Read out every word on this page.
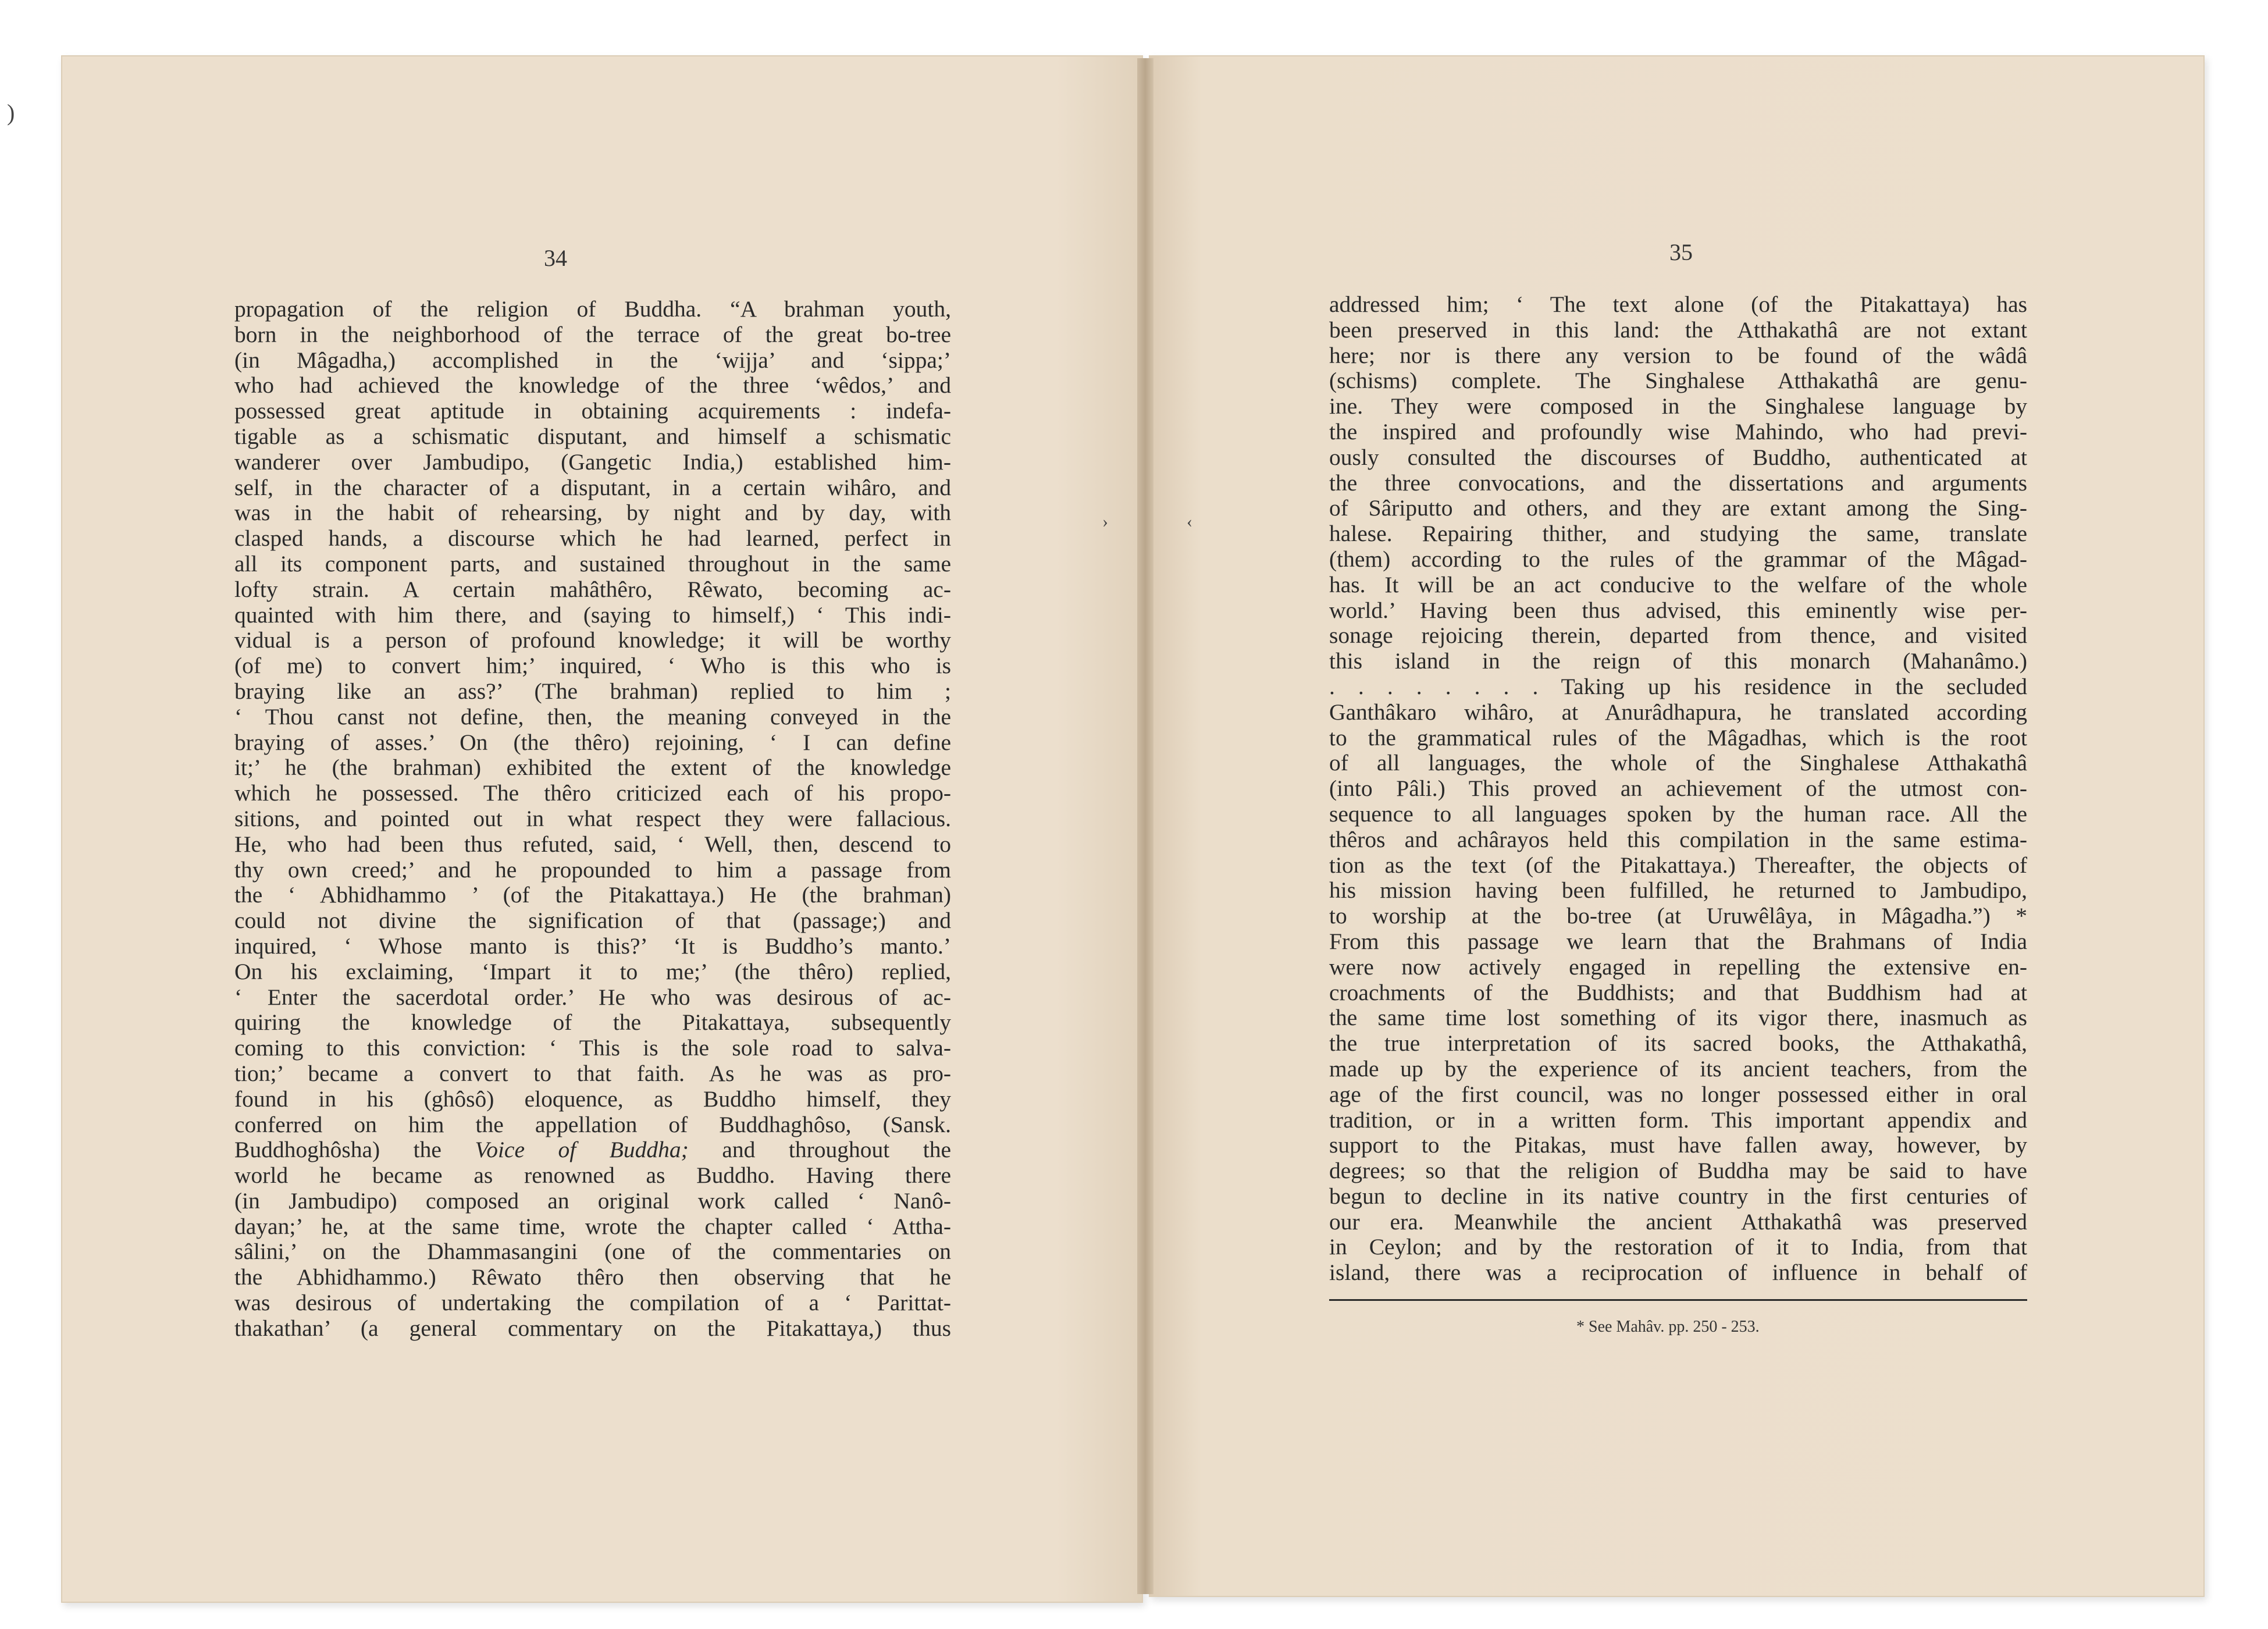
)
›	‹
34	35
propagation of the religion of Buddha. “A brahman youth,
born in the neighborhood of the terrace of the great bo-tree
(in Mâgadha,) accomplished in the ‘wijja’ and ‘sippa;’
who had achieved the knowledge of the three ‘wêdos,’ and
possessed great aptitude in obtaining acquirements : indefa-
tigable as a schismatic disputant, and himself a schismatic
wanderer over Jambudipo, (Gangetic India,) established him-
self, in the character of a disputant, in a certain wihâro, and
was in the habit of rehearsing, by night and by day, with
clasped hands, a discourse which he had learned, perfect in
all its component parts, and sustained throughout in the same
lofty strain. A certain mahâthêro, Rêwato, becoming ac-
quainted with him there, and (saying to himself,) ‘ This indi-
vidual is a person of profound knowledge; it will be worthy
(of me) to convert him;’ inquired, ‘ Who is this who is
braying like an ass?’ (The brahman) replied to him ;
‘ Thou canst not define, then, the meaning conveyed in the
braying of asses.’ On (the thêro) rejoining, ‘ I can define
it;’ he (the brahman) exhibited the extent of the knowledge
which he possessed. The thêro criticized each of his propo-
sitions, and pointed out in what respect they were fallacious.
He, who had been thus refuted, said, ‘ Well, then, descend to
thy own creed;’ and he propounded to him a passage from
the ‘ Abhidhammo ’ (of the Pitakattaya.) He (the brahman)
could not divine the signification of that (passage;) and
inquired, ‘ Whose manto is this?’ ‘It is Buddho’s manto.’
On his exclaiming, ‘Impart it to me;’ (the thêro) replied,
‘ Enter the sacerdotal order.’ He who was desirous of ac-
quiring the knowledge of the Pitakattaya, subsequently
coming to this conviction: ‘ This is the sole road to salva-
tion;’ became a convert to that faith. As he was as pro-
found in his (ghôsô) eloquence, as Buddho himself, they
conferred on him the appellation of Buddhaghôso, (Sansk.
Buddhoghôsha) the Voice of Buddha; and throughout the
world he became as renowned as Buddho. Having there
(in Jambudipo) composed an original work called ‘ Nanô-
dayan;’ he, at the same time, wrote the chapter called ‘ Attha-
sâlini,’ on the Dhammasangini (one of the commentaries on
the Abhidhammo.) Rêwato thêro then observing that he
was desirous of undertaking the compilation of a ‘ Parittat-
thakathan’ (a general commentary on the Pitakattaya,) thus
addressed him; ‘ The text alone (of the Pitakattaya) has
been preserved in this land: the Atthakathâ are not extant
here; nor is there any version to be found of the wâdâ
(schisms) complete. The Singhalese Atthakathâ are genu-
ine. They were composed in the Singhalese language by
the inspired and profoundly wise Mahindo, who had previ-
ously consulted the discourses of Buddho, authenticated at
the three convocations, and the dissertations and arguments
of Sâriputto and others, and they are extant among the Sing-
halese. Repairing thither, and studying the same, translate
(them) according to the rules of the grammar of the Mâgad-
has. It will be an act conducive to the welfare of the whole
world.’ Having been thus advised, this eminently wise per-
sonage rejoicing therein, departed from thence, and visited
this island in the reign of this monarch (Mahanâmo.)
. . . . . . . . Taking up his residence in the secluded
Ganthâkaro wihâro, at Anurâdhapura, he translated according
to the grammatical rules of the Mâgadhas, which is the root
of all languages, the whole of the Singhalese Atthakathâ
(into Pâli.) This proved an achievement of the utmost con-
sequence to all languages spoken by the human race. All the
thêros and achârayos held this compilation in the same estima-
tion as the text (of the Pitakattaya.) Thereafter, the objects of
his mission having been fulfilled, he returned to Jambudipo,
to worship at the bo-tree (at Uruwêlâya, in Mâgadha.”) *
From this passage we learn that the Brahmans of India
were now actively engaged in repelling the extensive en-
croachments of the Buddhists; and that Buddhism had at
the same time lost something of its vigor there, inasmuch as
the true interpretation of its sacred books, the Atthakathâ,
made up by the experience of its ancient teachers, from the
age of the first council, was no longer possessed either in oral
tradition, or in a written form. This important appendix and
support to the Pitakas, must have fallen away, however, by
degrees; so that the religion of Buddha may be said to have
begun to decline in its native country in the first centuries of
our era. Meanwhile the ancient Atthakathâ was preserved
in Ceylon; and by the restoration of it to India, from that
island, there was a reciprocation of influence in behalf of
* See Mahâv. pp. 250 - 253.
